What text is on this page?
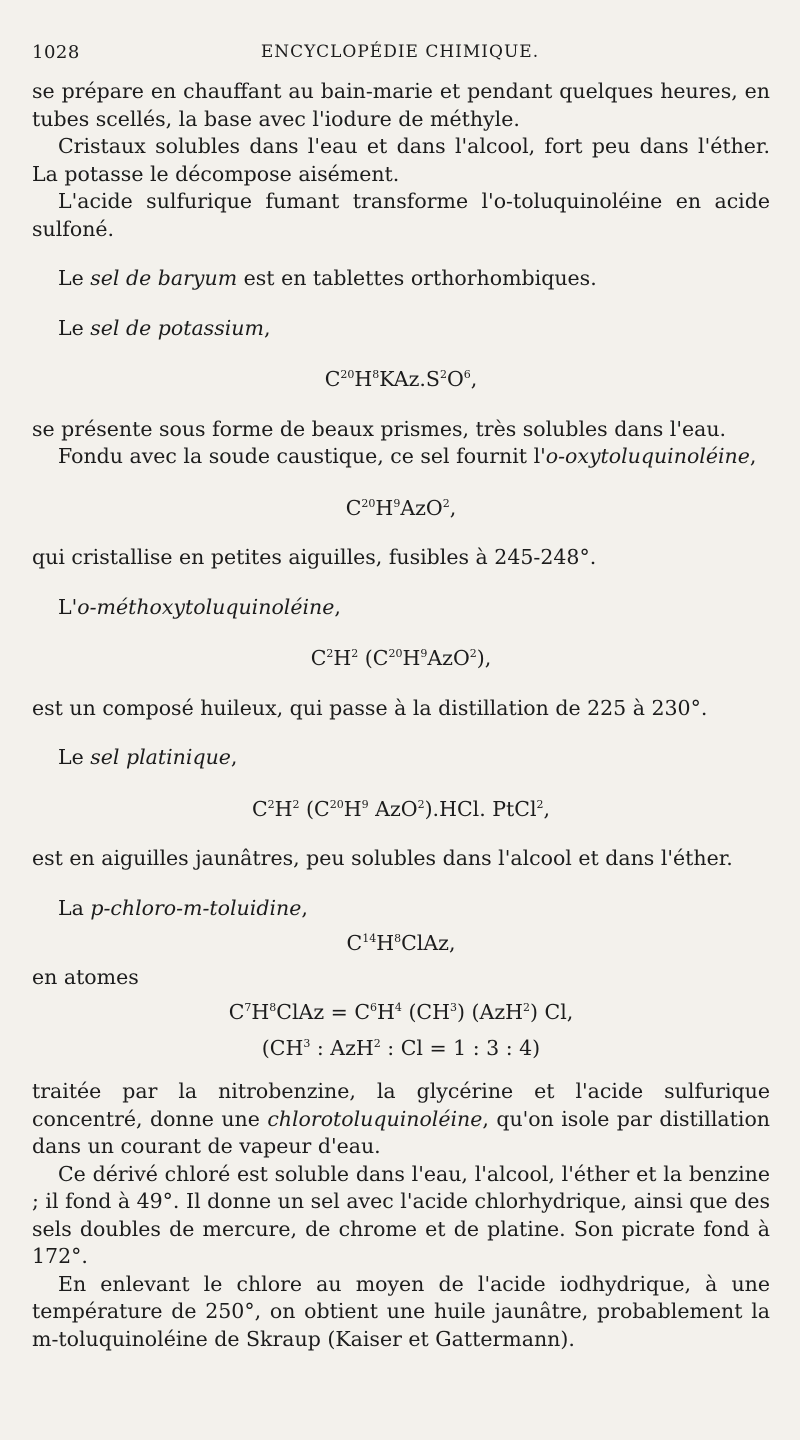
1028	ENCYCLOPÉDIE CHIMIQUE.

se prépare en chauffant au bain-marie et pendant quelques heures, en tubes scellés, la base avec l'iodure de méthyle.

Cristaux solubles dans l'eau et dans l'alcool, fort peu dans l'éther. La potasse le décompose aisément.

L'acide sulfurique fumant transforme l'o-toluquinoléine en acide sulfoné.

Le sel de baryum est en tablettes orthorhombiques.

Le sel de potassium,

$C^{20}H^8KAz.S^2O^6$,

se présente sous forme de beaux prismes, très solubles dans l'eau.

Fondu avec la soude caustique, ce sel fournit l'o-oxytoluquinoléine,

$C^{20}H^9AzO^2$,

qui cristallise en petites aiguilles, fusibles à 245-248°.

L'o-méthoxytoluquinoléine,

$C^2H^2$ $(C^{20}H^9AzO^2)$,

est un composé huileux, qui passe à la distillation de 225 à 230°.

Le sel platinique,

$C^2H^2$ ($C^{20}H^9$ AzO$^2$).HCl. PtCl$^2$,

est en aiguilles jaunâtres, peu solubles dans l'alcool et dans l'éther.

La p-chloro-m-toluidine,

$C^{14}H^8ClAz$,

en atomes

$C^7H^8ClAz = C^6H^4$ $(CH^3)$ (AzH$^2$) Cl,
($CH^3$ : AzH$^2$ : Cl = 1 : 3 : 4)

traitée par la nitrobenzine, la glycérine et l'acide sulfurique concentré, donne une chlorotoluquinoléine, qu'on isole par distillation dans un courant de vapeur d'eau.

Ce dérivé chloré est soluble dans l'eau, l'alcool, l'éther et la benzine ; il fond à 49°. Il donne un sel avec l'acide chlorhydrique, ainsi que des sels doubles de mercure, de chrome et de platine. Son picrate fond à 172°.

En enlevant le chlore au moyen de l'acide iodhydrique, à une température de 250°, on obtient une huile jaunâtre, probablement la m-toluquinoléine de Skraup (Kaiser et Gattermann).
